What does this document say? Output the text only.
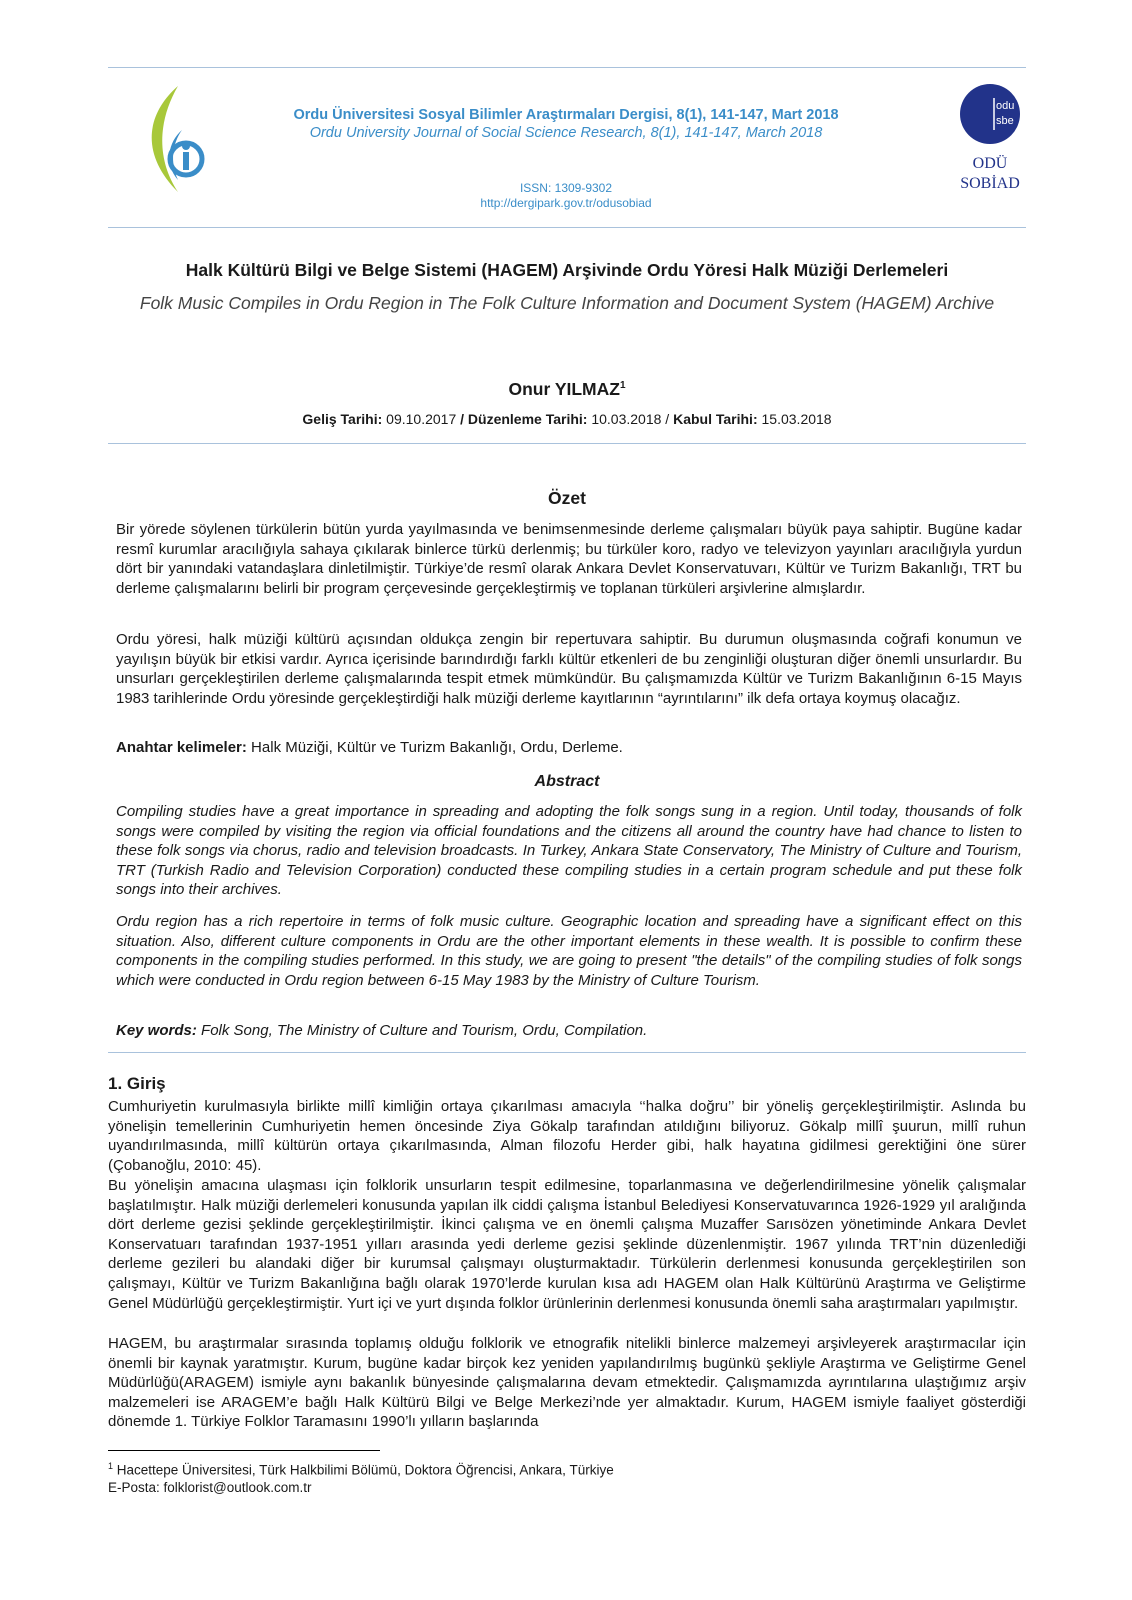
Ordu Üniversitesi Sosyal Bilimler Araştırmaları Dergisi, 8(1), 141-147, Mart 2018
Ordu University Journal of Social Science Research, 8(1), 141-147, March 2018
ISSN: 1309-9302
http://dergipark.gov.tr/odusobiad
odu
sbe
ODÜ
SOBİAD
Halk Kültürü Bilgi ve Belge Sistemi (HAGEM) Arşivinde Ordu Yöresi Halk Müziği Derlemeleri
Folk Music Compiles in Ordu Region in The Folk Culture Information and Document System (HAGEM) Archive
Onur YILMAZ$^1$
Geliş Tarihi: 09.10.2017 / Düzenleme Tarihi: 10.03.2018 / Kabul Tarihi: 15.03.2018
Özet

Bir yörede söylenen türkülerin bütün yurda yayılmasında ve benimsenmesinde derleme çalışmaları büyük paya sahiptir. Bugüne kadar resmî kurumlar aracılığıyla sahaya çıkılarak binlerce türkü derlenmiş; bu türküler koro, radyo ve televizyon yayınları aracılığıyla yurdun dört bir yanındaki vatandaşlara dinletilmiştir. Türkiye’de resmî olarak Ankara Devlet Konservatuvarı, Kültür ve Turizm Bakanlığı, TRT bu derleme çalışmalarını belirli bir program çerçevesinde gerçekleştirmiş ve toplanan türküleri arşivlerine almışlardır.

Ordu yöresi, halk müziği kültürü açısından oldukça zengin bir repertuvara sahiptir. Bu durumun oluşmasında coğrafi konumun ve yayılışın büyük bir etkisi vardır. Ayrıca içerisinde barındırdığı farklı kültür etkenleri de bu zenginliği oluşturan diğer önemli unsurlardır. Bu unsurları gerçekleştirilen derleme çalışmalarında tespit etmek mümkündür. Bu çalışmamızda Kültür ve Turizm Bakanlığının 6-15 Mayıs 1983 tarihlerinde Ordu yöresinde gerçekleştirdiği halk müziği derleme kayıtlarının “ayrıntılarını” ilk defa ortaya koymuş olacağız.

Anahtar kelimeler: Halk Müziği, Kültür ve Turizm Bakanlığı, Ordu, Derleme.

Abstract

Compiling studies have a great importance in spreading and adopting the folk songs sung in a region. Until today, thousands of folk songs were compiled by visiting the region via official foundations and the citizens all around the country have had chance to listen to these folk songs via chorus, radio and television broadcasts. In Turkey, Ankara State Conservatory, The Ministry of Culture and Tourism, TRT (Turkish Radio and Television Corporation) conducted these compiling studies in a certain program schedule and put these folk songs into their archives.

Ordu region has a rich repertoire in terms of folk music culture. Geographic location and spreading have a significant effect on this situation. Also, different culture components in Ordu are the other important elements in these wealth. It is possible to confirm these components in the compiling studies performed. In this study, we are going to present "the details" of the compiling studies of folk songs which were conducted in Ordu region between 6-15 May 1983 by the Ministry of Culture Tourism.

Key words: Folk Song, The Ministry of Culture and Tourism, Ordu, Compilation.

1. Giriş

Cumhuriyetin kurulmasıyla birlikte millî kimliğin ortaya çıkarılması amacıyla ‘‘halka doğru’’ bir yöneliş gerçekleştirilmiştir. Aslında bu yönelişin temellerinin Cumhuriyetin hemen öncesinde Ziya Gökalp tarafından atıldığını biliyoruz. Gökalp millî şuurun, millî ruhun uyandırılmasında, millî kültürün ortaya çıkarılmasında, Alman filozofu Herder gibi, halk hayatına gidilmesi gerektiğini öne sürer (Çobanoğlu, 2010: 45).

Bu yönelişin amacına ulaşması için folklorik unsurların tespit edilmesine, toparlanmasına ve değerlendirilmesine yönelik çalışmalar başlatılmıştır. Halk müziği derlemeleri konusunda yapılan ilk ciddi çalışma İstanbul Belediyesi Konservatuvarınca 1926-1929 yıl aralığında dört derleme gezisi şeklinde gerçekleştirilmiştir. İkinci çalışma ve en önemli çalışma Muzaffer Sarısözen yönetiminde Ankara Devlet Konservatuarı tarafından 1937-1951 yılları arasında yedi derleme gezisi şeklinde düzenlenmiştir. 1967 yılında TRT’nin düzenlediği derleme gezileri bu alandaki diğer bir kurumsal çalışmayı oluşturmaktadır. Türkülerin derlenmesi konusunda gerçekleştirilen son çalışmayı, Kültür ve Turizm Bakanlığına bağlı olarak 1970’lerde kurulan kısa adı HAGEM olan Halk Kültürünü Araştırma ve Geliştirme Genel Müdürlüğü gerçekleştirmiştir. Yurt içi ve yurt dışında folklor ürünlerinin derlenmesi konusunda önemli saha araştırmaları yapılmıştır.

HAGEM, bu araştırmalar sırasında toplamış olduğu folklorik ve etnografik nitelikli binlerce malzemeyi arşivleyerek araştırmacılar için önemli bir kaynak yaratmıştır. Kurum, bugüne kadar birçok kez yeniden yapılandırılmış bugünkü şekliyle Araştırma ve Geliştirme Genel Müdürlüğü(ARAGEM) ismiyle aynı bakanlık bünyesinde çalışmalarına devam etmektedir. Çalışmamızda ayrıntılarına ulaştığımız arşiv malzemeleri ise ARAGEM’e bağlı Halk Kültürü Bilgi ve Belge Merkezi’nde yer almaktadır. Kurum, HAGEM ismiyle faaliyet gösterdiği dönemde 1. Türkiye Folklor Taramasını 1990’lı yılların başlarında

$^1$ Hacettepe Üniversitesi, Türk Halkbilimi Bölümü, Doktora Öğrencisi, Ankara, Türkiye
E-Posta: folklorist@outlook.com.tr
